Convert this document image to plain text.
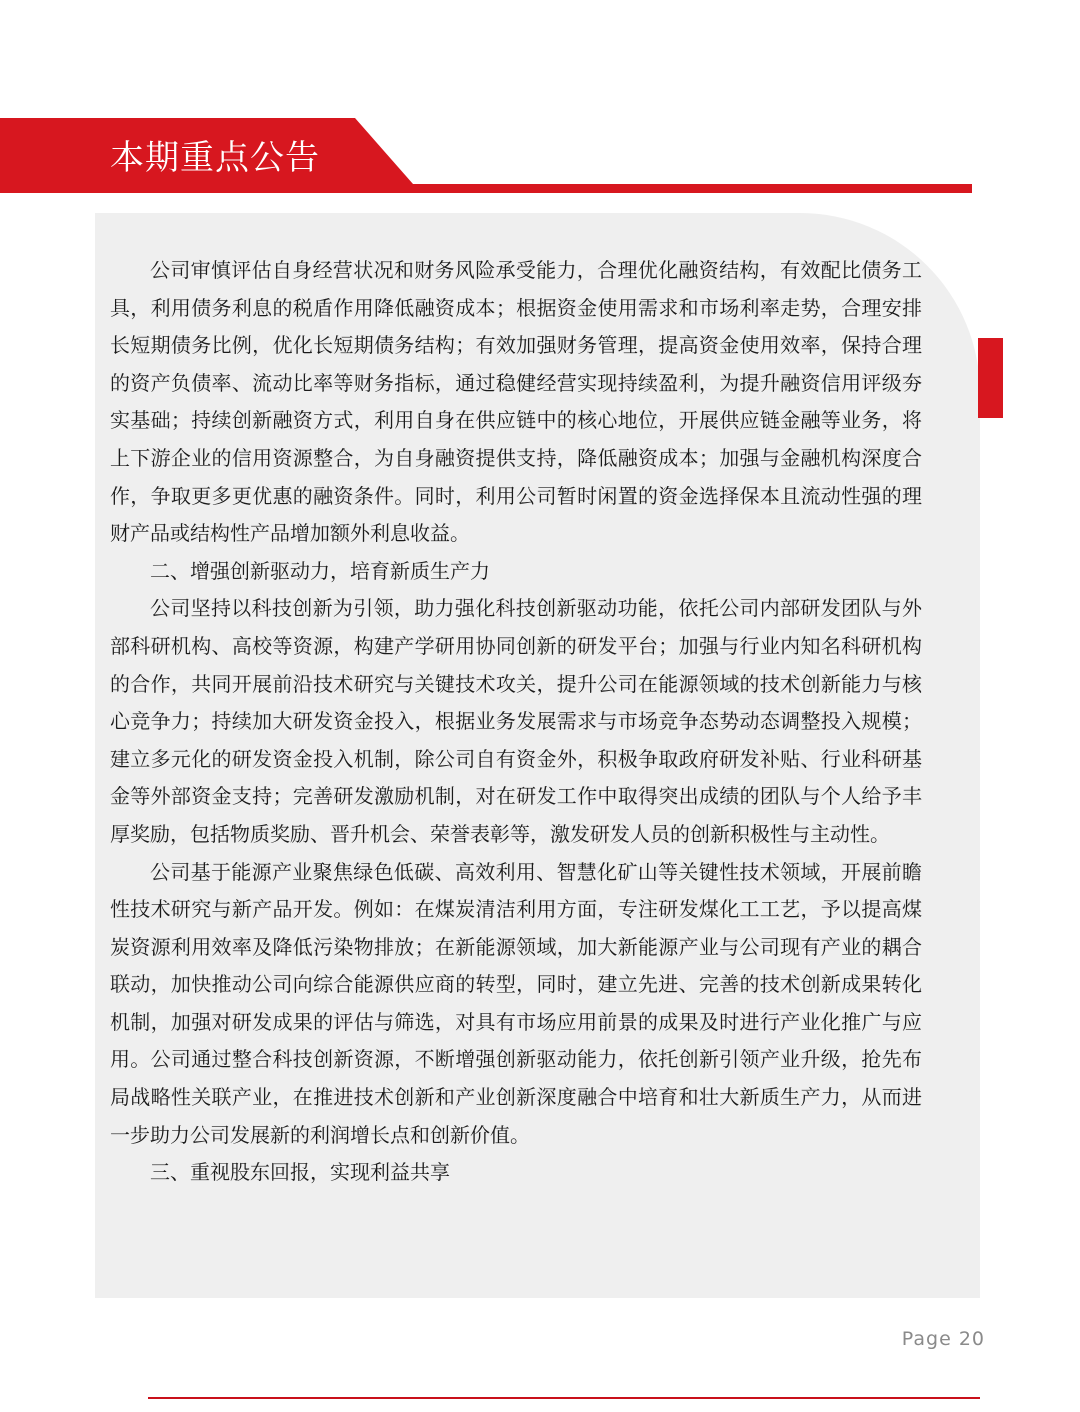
本期重点公告

公司审慎评估自身经营状况和财务风险承受能力，合理优化融资结构，有效配比债务工具，利用债务利息的税盾作用降低融资成本；根据资金使用需求和市场利率走势，合理安排长短期债务比例，优化长短期债务结构；有效加强财务管理，提高资金使用效率，保持合理的资产负债率、流动比率等财务指标，通过稳健经营实现持续盈利，为提升融资信用评级夯实基础；持续创新融资方式，利用自身在供应链中的核心地位，开展供应链金融等业务，将上下游企业的信用资源整合，为自身融资提供支持，降低融资成本；加强与金融机构深度合作，争取更多更优惠的融资条件。同时，利用公司暂时闲置的资金选择保本且流动性强的理财产品或结构性产品增加额外利息收益。

二、增强创新驱动力，培育新质生产力

公司坚持以科技创新为引领，助力强化科技创新驱动功能，依托公司内部研发团队与外部科研机构、高校等资源，构建产学研用协同创新的研发平台；加强与行业内知名科研机构的合作，共同开展前沿技术研究与关键技术攻关，提升公司在能源领域的技术创新能力与核心竞争力；持续加大研发资金投入，根据业务发展需求与市场竞争态势动态调整投入规模；建立多元化的研发资金投入机制，除公司自有资金外，积极争取政府研发补贴、行业科研基金等外部资金支持；完善研发激励机制，对在研发工作中取得突出成绩的团队与个人给予丰厚奖励，包括物质奖励、晋升机会、荣誉表彰等，激发研发人员的创新积极性与主动性。

公司基于能源产业聚焦绿色低碳、高效利用、智慧化矿山等关键性技术领域，开展前瞻性技术研究与新产品开发。例如：在煤炭清洁利用方面，专注研发煤化工工艺，予以提高煤炭资源利用效率及降低污染物排放；在新能源领域，加大新能源产业与公司现有产业的耦合联动，加快推动公司向综合能源供应商的转型，同时，建立先进、完善的技术创新成果转化机制，加强对研发成果的评估与筛选，对具有市场应用前景的成果及时进行产业化推广与应用。公司通过整合科技创新资源，不断增强创新驱动能力，依托创新引领产业升级，抢先布局战略性关联产业，在推进技术创新和产业创新深度融合中培育和壮大新质生产力，从而进一步助力公司发展新的利润增长点和创新价值。

三、重视股东回报，实现利益共享

Page 20
